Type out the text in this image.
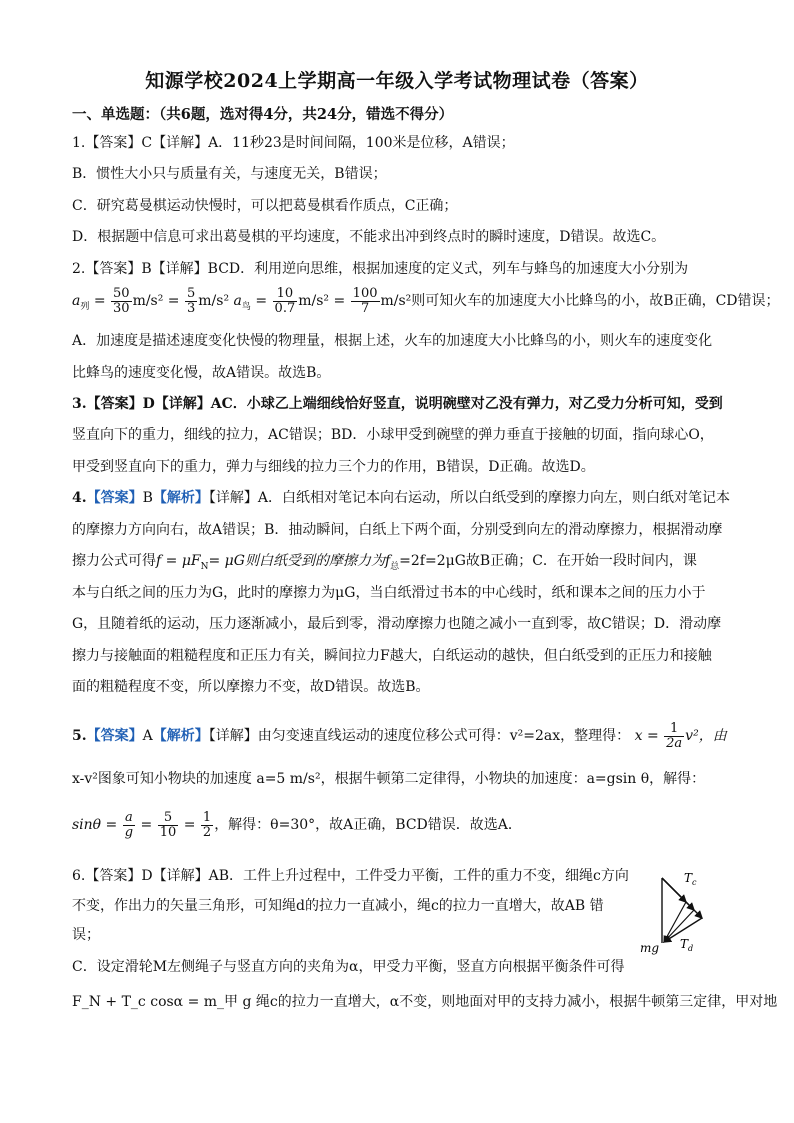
知源学校2024上学期高一年级入学考试物理试卷（答案）
一、单选题：（共6题，选对得4分，共24分，错选不得分）
1.【答案】C【详解】A．11秒23是时间间隔，100米是位移，A错误；
B．惯性大小只与质量有关，与速度无关，B错误；
C．研究葛曼棋运动快慢时，可以把葛曼棋看作质点，C正确；
D．根据题中信息可求出葛曼棋的平均速度，不能求出冲到终点时的瞬时速度，D错误。故选C。
2.【答案】B【详解】BCD．利用逆向思维，根据加速度的定义式，列车与蜂鸟的加速度大小分别为
$a_列 = \frac{50}{30} m/s^2 = \frac{5}{3} m/s^2$ $a_鸟 = \frac{10}{0.7} m/s^2 = \frac{100}{7} m/s^2$则可知火车的加速度大小比蜂鸟的小，故B正确，CD错误；
A．加速度是描述速度变化快慢的物理量，根据上述，火车的加速度大小比蜂鸟的小，则火车的速度变化
比蜂鸟的速度变化慢，故A错误。故选B。
3.【答案】D【详解】AC．小球乙上端细线恰好竖直，说明碗壁对乙没有弹力，对乙受力分析可知，受到
竖直向下的重力，细线的拉力，AC错误；BD．小球甲受到碗壁的弹力垂直于接触的切面，指向球心O，
甲受到竖直向下的重力，弹力与细线的拉力三个力的作用，B错误，D正确。故选D。
4.【答案】B【解析】【详解】A．白纸相对笔记本向右运动，所以白纸受到的摩擦力向左，则白纸对笔记本
的摩擦力方向向右，故A错误；B．抽动瞬间，白纸上下两个面，分别受到向左的滑动摩擦力，根据滑动摩
擦力公式可得$f = \mu F_N= \mu G$则白纸受到的摩擦力为$f_总=2f=2\mu G$故B正确；C．在开始一段时间内，课
本与白纸之间的压力为G，此时的摩擦力为μG，当白纸滑过书本的中心线时，纸和课本之间的压力小于
G，且随着纸的运动，压力逐渐减小，最后到零，滑动摩擦力也随之减小一直到零，故C错误；D．滑动摩
擦力与接触面的粗糙程度和正压力有关，瞬间拉力F越大，白纸运动的越快，但白纸受到的正压力和接触
面的粗糙程度不变，所以摩擦力不变，故D错误。故选B。
5.【答案】A【解析】【详解】由匀变速直线运动的速度位移公式可得：v²=2ax，整理得： $x = \frac{1}{2a} v^2$，由
x-v²图象可知小物块的加速度 a=5 m/s²，根据牛顿第二定律得，小物块的加速度：a=gsin θ，解得：
$\sin\theta = \frac{a}{g} = \frac{5}{10} = \frac{1}{2}$ ，解得：θ=30°，故A正确，BCD错误．故选A．
6.【答案】D【详解】AB．工件上升过程中，工件受力平衡，工件的重力不变，细绳c方向
不变，作出力的矢量三角形，可知绳d的拉力一直减小，绳c的拉力一直增大，故AB 错
误；
C．设定滑轮M左侧绳子与竖直方向的夹角为α，甲受力平衡，竖直方向根据平衡条件可得
F_N + T_c cosα = m_甲 g 绳c的拉力一直增大，α不变，则地面对甲的支持力减小，根据牛顿第三定律，甲对地
$T_c$
mg $T_d$
